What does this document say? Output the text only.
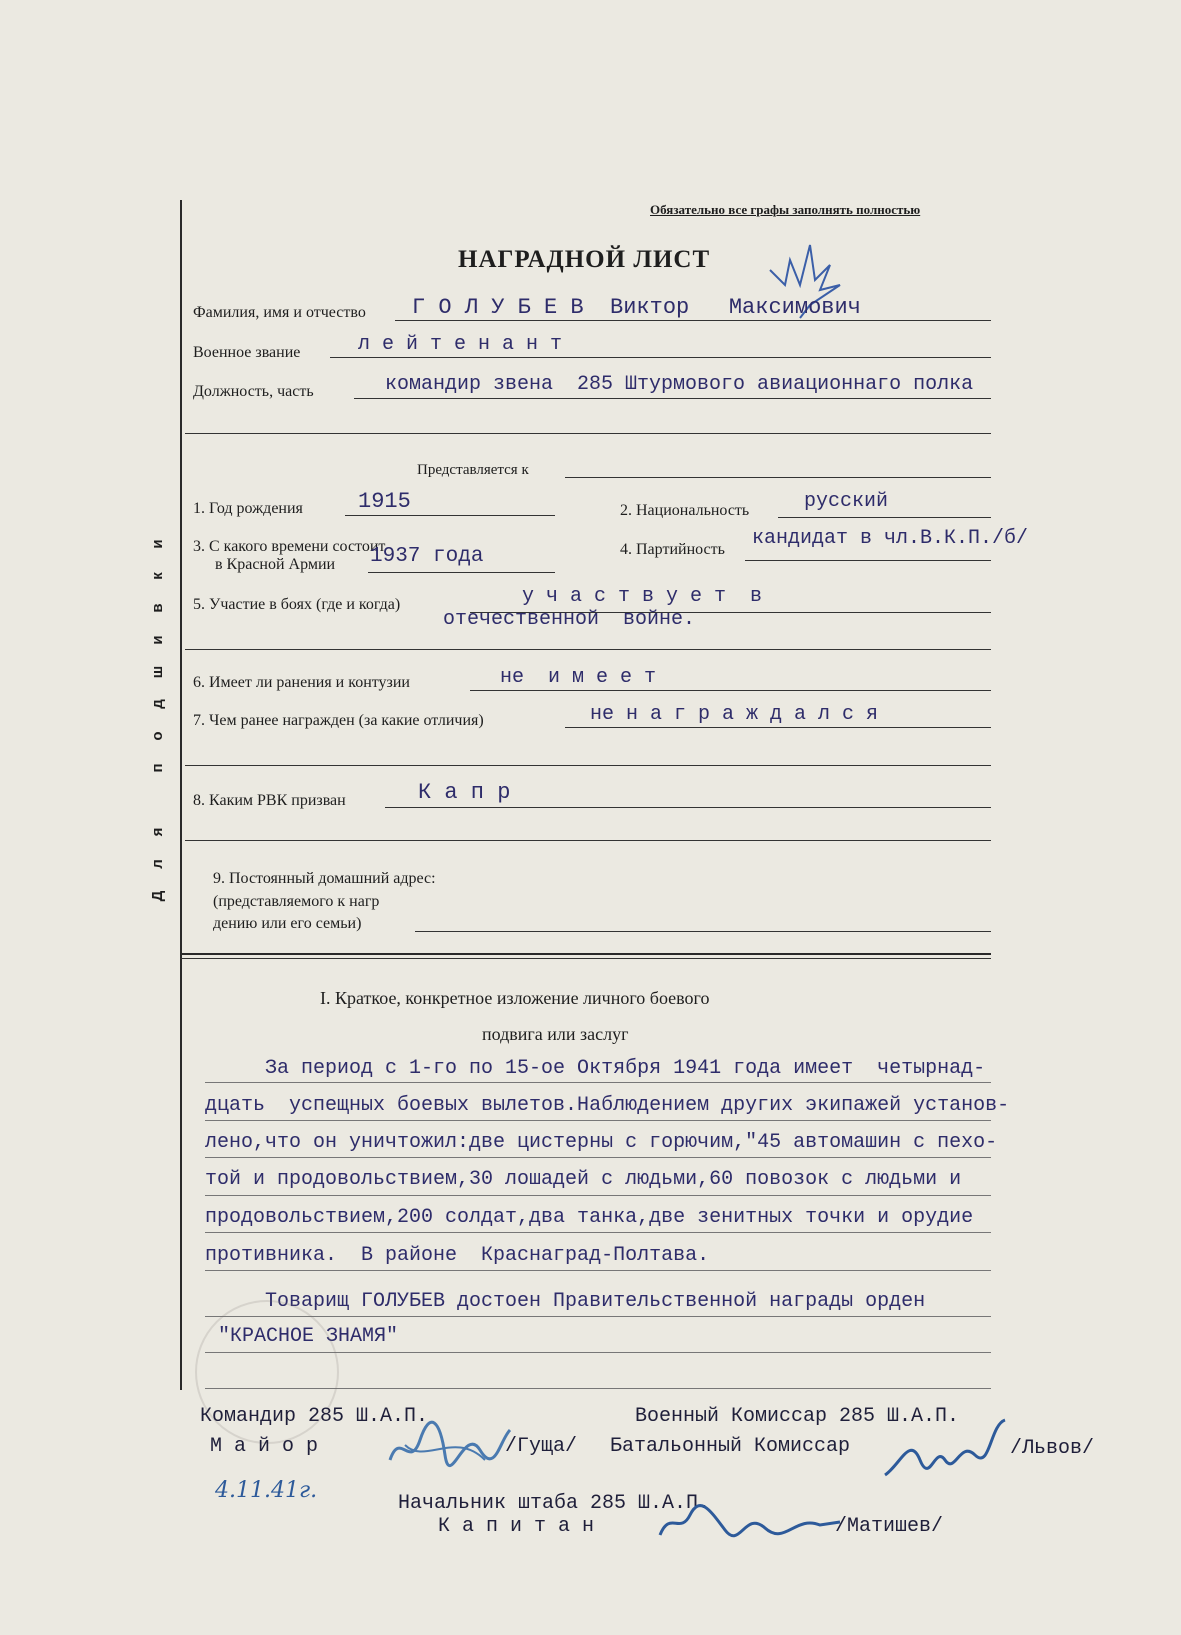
и
к
в
и
ш
д
о
п
я
л
Д
Обязательно все графы заполнять полностью
НАГРАДНОЙ ЛИСТ
Фамилия, имя и отчество Г О Л У Б Е В  Виктор   Максимович
Военное звание	л е й т е н а н т
Должность, часть	командир звена  285 Штурмового авиационнаго полка
Представляется к
1. Год рождения	1915	2. Национальность	русский
3. С какого времени состоит
в Красной Армии 1937 года	4. Партийность кандидат в чл.В.К.П./б/
5. Участие в боях (где и когда)	у ч а с т в у е т  в
отечественной  войне.
6. Имеет ли ранения и контузии	не  и м е е т
7. Чем ранее награжден (за какие отличия)	не н а г р а ж д а л с я
8. Каким РВК призван	К а п р
9. Постоянный домашний адрес:
(представляемого к нагр
дению или его семьи)
I. Краткое, конкретное изложение личного боевого
подвига или заслуг
За период с 1-го по 15-ое Октября 1941 года имеет  четырнад-
дцать  успещных боевых вылетов.Наблюдением других экипажей установ-
лено,что он уничтожил:две цистерны с горючим,"45 автомашин с пехо-
той и продовольствием,30 лошадей с людьми,60 повозок с людьми и
продовольствием,200 солдат,два танка,две зенитных точки и орудие
противника.  В районе  Краснаград-Полтава.
Товарищ ГОЛУБЕВ достоен Правительственной награды орден
"КРАСНОЕ ЗНАМЯ"
Командир 285 Ш.А.П.
М а й о р	/Гуща/
Военный Комиссар 285 Ш.А.П.
Батальонный Комиссар	/Львов/
4.11.41г.
Начальник штаба 285 Ш.А.П.
К а п и т а н	/Матишев/
